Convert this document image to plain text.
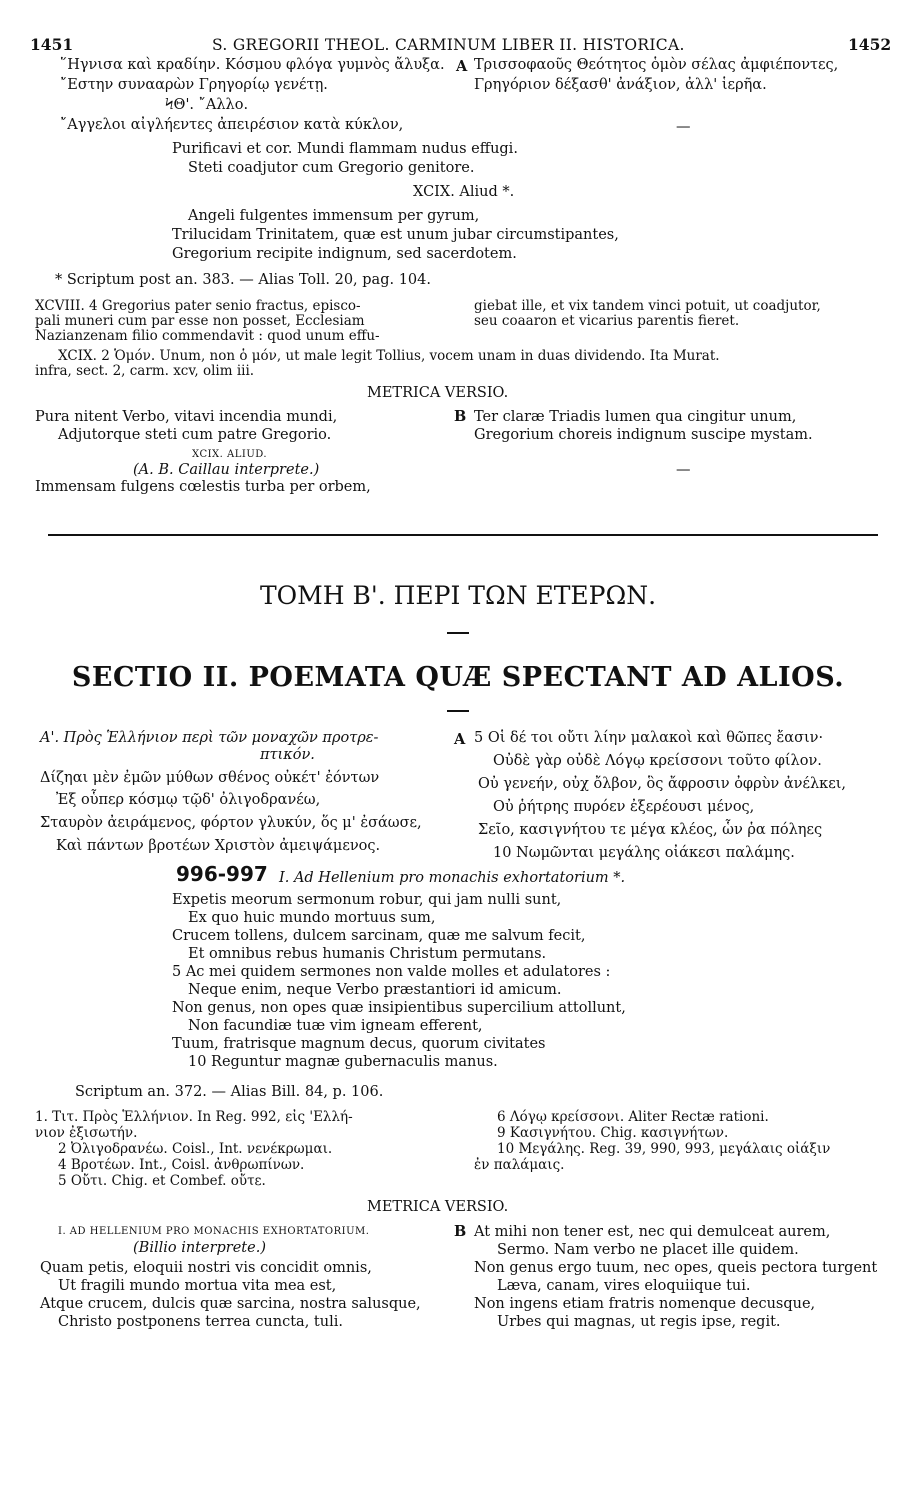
1451	S. GREGORII THEOL. CARMINUM LIBER II. HISTORICA.	1452
῞Ηγνισα καὶ κραδίην. Κόσμου φλόγα γυμνὸς ἄλυξα.
῎Εστην συνααρὼν Γρηγορίῳ γενέτῃ.
ϞΘ'. ῎Αλλο.
῎Αγγελοι αἰγλήεντες ἀπειρέσιον κατὰ κύκλον,
A Τρισσοφαοῦς Θεότητος ὁμὸν σέλας ἀμφιέποντες,
Γρηγόριον δέξασθ' ἀνάξιον, ἀλλ' ἱερῆα.
—
Purificavi et cor. Mundi flammam nudus effugi.
Steti coadjutor cum Gregorio genitore.
XCIX. Aliud *.
Angeli fulgentes immensum per gyrum,
Trilucidam Trinitatem, quæ est unum jubar circumstipantes,
Gregorium recipite indignum, sed sacerdotem.
* Scriptum post an. 383. — Alias Toll. 20, pag. 104.
XCVIII. 4 Gregorius pater senio fractus, episco-
pali muneri cum par esse non posset, Ecclesiam
Nazianzenam filio commendavit : quod unum effu-
giebat ille, et vix tandem vinci potuit, ut coadjutor,
seu coaaron et vicarius parentis fieret.
XCIX. 2 Ὁμόν. Unum, non ὁ μόν, ut male legit Tollius, vocem unam in duas dividendo. Ita Murat.
infra, sect. 2, carm. xcv, olim iii.
METRICA VERSIO.
Pura nitent Verbo, vitavi incendia mundi,
Adjutorque steti cum patre Gregorio.
XCIX. ALIUD.
(A. B. Caillau interprete.)
Immensam fulgens cœlestis turba per orbem,
B Ter claræ Triadis lumen qua cingitur unum,
Gregorium choreis indignum suscipe mystam.
—
ΤΟΜΗ Β'. ΠΕΡΙ ΤΩΝ ΕΤΕΡΩΝ.
SECTIO II. POEMATA QUÆ SPECTANT AD ALIOS.
Α'. Πρὸς Ἑλλήνιον περὶ τῶν μοναχῶν προτρε-
πτικόν.
Δίζηαι μὲν ἐμῶν μύθων σθένος οὐκέτ' ἐόντων
Ἐξ οὗπερ κόσμῳ τῷδ' ὀλιγοδρανέω,
Σταυρὸν ἀειράμενος, φόρτον γλυκύν, ὅς μ' ἐσάωσε,
Καὶ πάντων βροτέων Χριστὸν ἀμειψάμενος.
A 5 Οἱ δέ τοι οὔτι λίην μαλακοὶ καὶ θῶπες ἔασιν·
Οὐδὲ γὰρ οὐδὲ Λόγῳ κρείσσονι τοῦτο φίλον.
Οὐ γενεήν, οὐχ ὄλβον, ὃς ἄφροσιν ὀφρὺν ἀνέλκει,
Οὐ ῥήτρης πυρόεν ἐξερέουσι μένος,
Σεῖο, κασιγνήτου τε μέγα κλέος, ὧν ῥα πόληες
10 Νωμῶνται μεγάλης οἰάκεσι παλάμης.
996-997 I. Ad Hellenium pro monachis exhortatorium *.
Expetis meorum sermonum robur, qui jam nulli sunt,
Ex quo huic mundo mortuus sum,
Crucem tollens, dulcem sarcinam, quæ me salvum fecit,
Et omnibus rebus humanis Christum permutans.
5 Ac mei quidem sermones non valde molles et adulatores :
Neque enim, neque Verbo præstantiori id amicum.
Non genus, non opes quæ insipientibus supercilium attollunt,
Non facundiæ tuæ vim igneam efferent,
Tuum, fratrisque magnum decus, quorum civitates
10 Reguntur magnæ gubernaculis manus.
Scriptum an. 372. — Alias Bill. 84, p. 106.
1. Τιτ. Πρὸς Ἑλλήνιον. In Reg. 992, εἰς 'Ελλή-
νιον ἐξισωτήν.
2 Ὀλιγοδρανέω. Coisl., Int. νενέκρωμαι.
4 Βροτέων. Int., Coisl. ἀνθρωπίνων.
5 Οὔτι. Chig. et Combef. οὔτε.
6 Λόγῳ κρείσσονι. Aliter Rectæ rationi.
9 Κασιγνήτου. Chig. κασιγνήτων.
10 Μεγάλης. Reg. 39, 990, 993, μεγάλαις οἰάξιν
ἐν παλάμαις.
METRICA VERSIO.
I. AD HELLENIUM PRO MONACHIS EXHORTATORIUM.
(Billio interprete.)
Quam petis, eloquii nostri vis concidit omnis,
Ut fragili mundo mortua vita mea est,
Atque crucem, dulcis quæ sarcina, nostra salusque,
Christo postponens terrea cuncta, tuli.
B At mihi non tener est, nec qui demulceat aurem,
Sermo. Nam verbo ne placet ille quidem.
Non genus ergo tuum, nec opes, queis pectora turgent
Læva, canam, vires eloquiique tui.
Non ingens etiam fratris nomenque decusque,
Urbes qui magnas, ut regis ipse, regit.
